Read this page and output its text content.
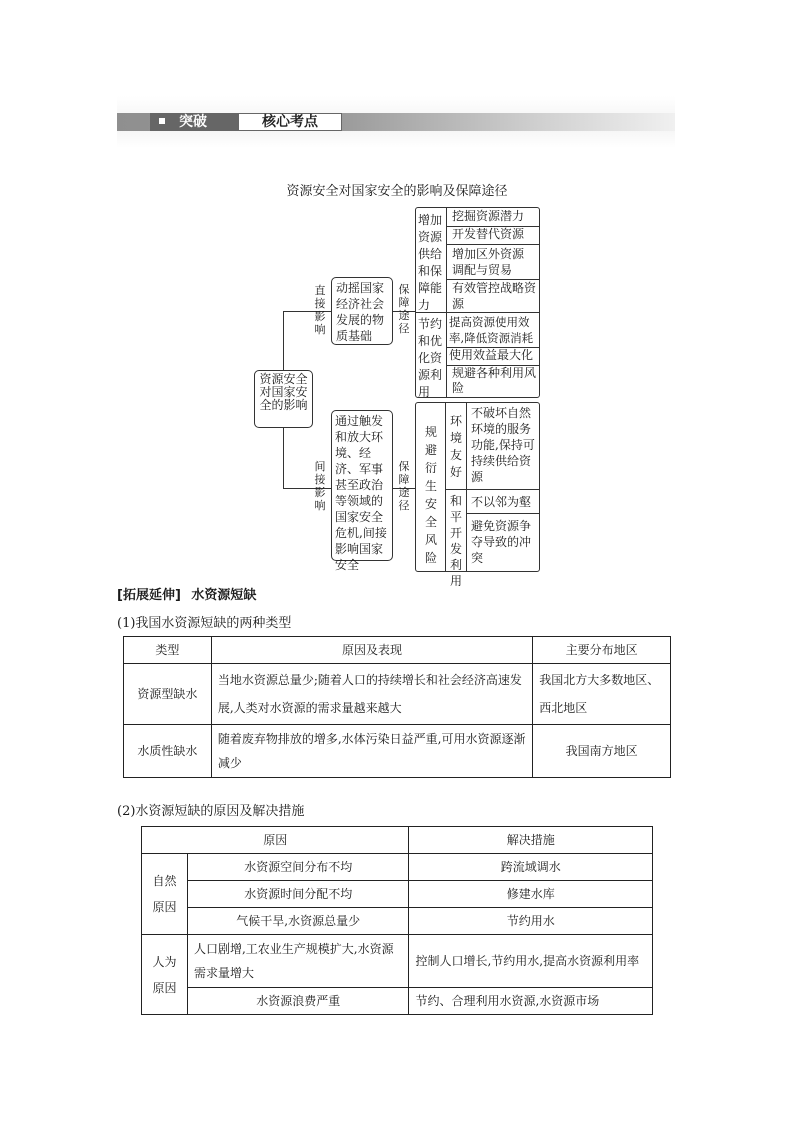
突破	核心考点
资源安全对国家安全的影响及保障途径
资源安全对国家安全的影响
直接影响
动摇国家经济社会发展的物质基础
保障途径
增加资源供给和保障能力
节约和优化资源利用
挖掘资源潜力
开发替代资源
增加区外资源调配与贸易
有效管控战略资源
提高资源使用效率,降低资源消耗
使用效益最大化
规避各种利用风险
间接影响
通过触发和放大环境、经济、军事甚至政治等领域的国家安全危机,间接影响国家安全
保障途径
规避衍生安全风险
环境友好
和平开发利用
不破坏自然环境的服务功能,保持可持续供给资源
不以邻为壑
避免资源争夺导致的冲突
[拓展延伸] 水资源短缺
(1)我国水资源短缺的两种类型
类型	原因及表现	主要分布地区
资源型缺水	当地水资源总量少;随着人口的持续增长和社会经济高速发展,人类对水资源的需求量越来越大	我国北方大多数地区、西北地区
水质性缺水	随着废弃物排放的增多,水体污染日益严重,可用水资源逐渐减少	我国南方地区
(2)水资源短缺的原因及解决措施
原因		解决措施
自然原因	水资源空间分布不均	跨流域调水
	水资源时间分配不均	修建水库
	气候干旱,水资源总量少	节约用水
人为原因	人口剧增,工农业生产规模扩大,水资源需求量增大	控制人口增长,节约用水,提高水资源利用率
	水资源浪费严重	节约、合理利用水资源,水资源市场
